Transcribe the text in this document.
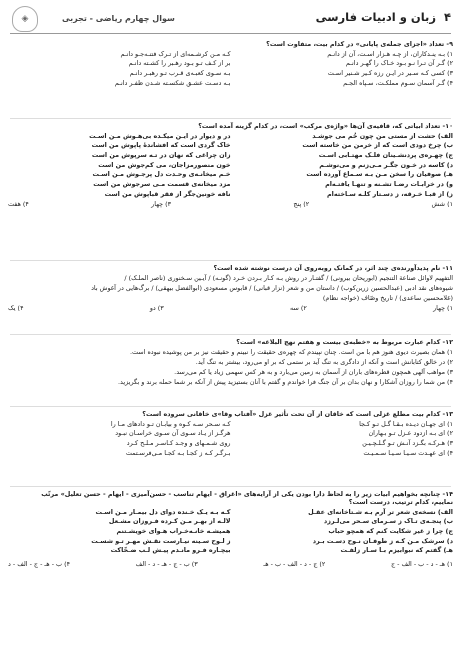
۴  زبان و ادبیات فارسی
سوال چهارم ریاضی - تجربی
◈
۹- تعداد «اجزای جمله‌ی پایانی» در کدام بیت، متفاوت است؟
۱) بـه ینـدکاران، از چـه هـزار اسـت، آن از دانـم
کـه مـن کرشـمه‌ای از تـرک فتنـه‌جـو دانـم
۲) گـر آن تـرا نـو بـود خـاک را گهـر دانـم
بر از کـف تـو بـود رهـبر را کشـته دانـم
۳) کسی کـه سـیر در ایـن رزه کـیر شـنیر اسـت
بـه سـوی کعبـه‌ی قـرب تـو رهبـر دانـم
۴) گـر آسمان سـوم مملکـت، سـپاه الجـم
بـه دسـت عشـق شکسـته شـدن ظفـر دانـم
۱۰- تعداد ابیاتی که، قافیه‌ی آن‌ها «واژه‌ی مرکب» است، در کدام گزینه آمده است؟
الف) حشت از مستی من چون خُم می جوشـد
در و دیوار در ایـن میکـده بی‌هـوش مـن اسـت
ب) چرخ دودی است که از خرمن من خاسته است
خاک گردی است که افشاندهٔ پاپوش من است
ج) چهـره‌ی پردنشـینان فلـک مهتـابی اسـت
زان چراغی که نهان در تـه سرپوش من است
د) کاسه در خـون جگـر مـی‌زنم و می‌نوشـم
خون منصورمزاجان، می کم‌جوش من است
هـ) صوفیان را سخن مـن بـه سـماع آورده است
خـم میخانـه‌ی وحـدت دل پرجـوش مـن اسـت
و) در خرابـات رضـا تشـنه و تنهـا یافتـه‌ام
مزد میخانه‌ی قسمت مـی سرجوش من است
ز) از قبـا خـرقه، ز دسـتار کلـه سـاخته‌ام
نافه خونین‌جگر از فقر قباپوش من است
۱) شش
۲) پنج
۳) چهار
۴) هفت
۱۱- نام پدیدآورنده‌ی چند اثر، در کمانک روبه‌روی آن درست نوشته شده است؟
التفهیم لاوائل صناعة التنجیم (ابوریحان بیرونی) / گفتـار در روش بـه کـار بـردن خـرد (گونـه) / آیـین سـخنوری (ناصر الملـک) /
شیوه‌های نقد ادبی (عبدالحسین زرین‌کوب) / داستان من و شعر (نزار قبانی) / قابوس مسعودی (ابوالفضل بیهقی) / برگ‌هایی در آغوش باد
(غلامحسین ساعدی) / تاریخ وصّاف (خواجه نظام)
۱) چهار
۲) سه
۳) دو
۴) یک
۱۲- کدام عبارت مربوط به «خطبه‌ی بیست و هفتم نهج البلاغه» است؟
۱) همان بصیرت دیوی هنوز هم با من است. چنان نپیندم که چهره‌ی حقیقت را نبینم و حقیقت نیز بر من پوشیده نبوده است.
۲) در خالق کتابانش است و آنکه از دادگری به تنگ آید بر ستمی که بر او می‌رود، بیشتر به تنگ آید.
۳) مواهب آلهی همچون قطره‌های باران از آسمان به زمین می‌بارد و به هر کس سهمی زیاد یا کم می‌رسد.
۴) من شما را روزان آشکارا و نهان بدان بر آن جنگ فرا خواندم و گفتم با آنان بستیزید پیش از آنکه بر شما حمله برند و بگریزید.
۱۳- کدام بیت مطلع غزلی است که خاقان از آن تحت تأثیر غزل «آفتاب وقا»ی خاقانی سروده است؟
۱) ای جهـان دیـده بـقـا گـل تـو کـجا
کـه سـحر سـه کـوه و بیابـان تـو دادهای مـا را
۲) ای بـه ازدود عـزل تـو بـهاران
هرگـز از یـاد سـوی آن سـوی خراسـان نبـود
۳) هـرکـه بگـزد آنـش تـو گـلـچـیـن
روی شـمـهای و وجـد کـاسـر مـلـح کـرد
۴) ای عهـدت سـیـا سـیـا سـمـیـت
بـرگـر کـه ز کجـا بـه کجـا مـی‌فرسـتمت
۱۴- چنانچه بخواهیم ابیات زیر را به لحاظ دارا بودن یکی از آرایه‌های «اغراق - ایهام تناسب - حسن‌آمیزی - ایهام - حسن تعلیل» مرتّب
نماییم، کدام ترتیب، درست است؟
الف) نسخه‌ی شعر تر آرم بـه شـتاخانه‌ای عقـل
کـه بـه یـک خـنده دوای دل بیمـار مـن اسـت
ب) پنجـه‌ی تـاک ز سـرمای سـحر می‌لـرزد
لالـه از بهـر مـن کـرده فـروزان مشـعل
ج) چرا ز غیر شکایت کنم که همچو حباب
همیشـه خانـه‌خـراب هـوای خویشـتنم
د) سرشک مـن کـه ز طوفـان نـوح دسـت بـرد
ز لـوح سـینه نیـارست نقـش مهـر تـو شسـت
هـ) گفتم که نبوابیزم بـا سـار زلفـت
بیچـاره فـرو مانـدم پیـش لـب ضـحّاکت
۱) هـ - د - ب - الف - ج
۲) ج - د - الف - ب - هـ
۳) ب - ج - هـ - د - الف
۴) ب - هـ - ج - الف - د
